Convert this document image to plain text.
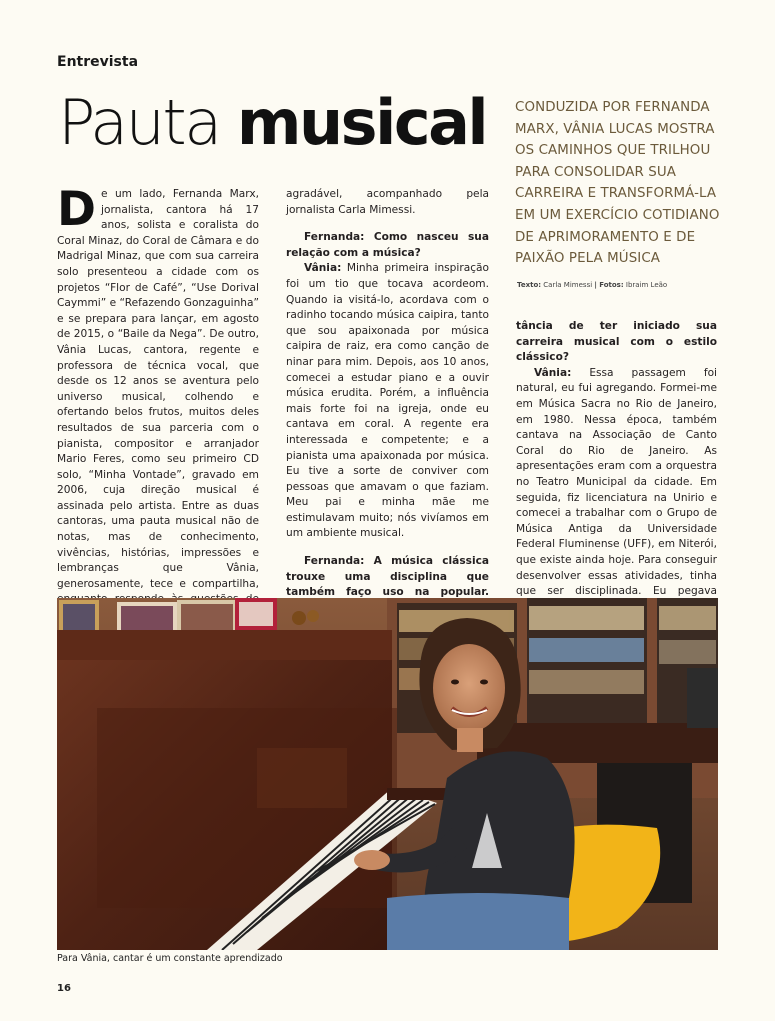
Entrevista
Pauta musical CONDUZIDA POR FERNANDA MARX, VÂNIA LUCAS MOSTRA OS CAMINHOS QUE TRILHOU PARA CONSOLIDAR SUA CARREIRA E TRANSFORMÁ-LA EM UM EXERCÍCIO COTIDIANO DE APRIMORAMENTO E DE PAIXÃO PELA MÚSICA

Texto: Carla Mimessi | Fotos: Ibraim Leão

De um lado, Fernanda Marx, jornalista, cantora há 17 anos, solista e coralista do Coral Minaz, do Coral de Câmara e do Madrigal Minaz, que com sua carreira solo presenteou a cidade com os projetos “Flor de Café”, “Use Dorival Caymmi” e “Refazendo Gonzaguinha” e se prepara para lançar, em agosto de 2015, o “Baile da Nega”. De outro, Vânia Lucas, cantora, regente e professora de técnica vocal, que desde os 12 anos se aventura pelo universo musical, colhendo e ofertando belos frutos, muitos deles resultados de sua parceria com o pianista, compositor e arranjador Mario Feres, como seu primeiro CD solo, “Minha Vontade”, gravado em 2006, cuja direção musical é assinada pelo artista. Entre as duas cantoras, uma pauta musical não de notas, mas de conhecimento, vivências, histórias, impressões e lembranças que Vânia, generosamente, tece e compartilha,

agradável, acompanhado pela jornalista Carla Mimessi.

Fernanda: Como nasceu sua relação com a música?

Vânia: Minha primeira inspiração foi um tio que tocava acordeom. Quando ia visitá-lo, acordava com o radinho tocando música caipira, tanto que sou apaixonada por música caipira de raiz, era como canção de ninar para mim. Depois, aos 10 anos, comecei a estudar piano e a ouvir música erudita. Porém, a influência mais forte foi na igreja, onde eu cantava em coral. A regente era interessada e competente; e a pianista uma apaixonada por música. Eu tive a sorte de conviver com pessoas que amavam o que faziam. Meu pai e minha mãe me estimulavam muito; nós vivíamos em um ambiente musical.

Fernanda: A música clássica trouxe uma disciplina que também faço uso na popular.

tância de ter iniciado sua carreira musical com o estilo clássico?

Vânia: Essa passagem foi natural, eu fui agregando. Formei-me em Música Sacra no Rio de Janeiro, em 1980. Nessa época, também cantava na Associação de Canto Coral do Rio de Janeiro. As apresentações eram com a orquestra no Teatro Municipal da cidade. Em seguida, fiz licenciatura na Unirio e comecei a trabalhar com o Grupo de Música Antiga da Universidade Federal Fluminense (UFF), em Niterói, que existe ainda hoje. Para conseguir desenvolver essas atividades, tinha que ser disciplinada. Eu pegava

Para Vânia, cantar é um constante aprendizado
16
